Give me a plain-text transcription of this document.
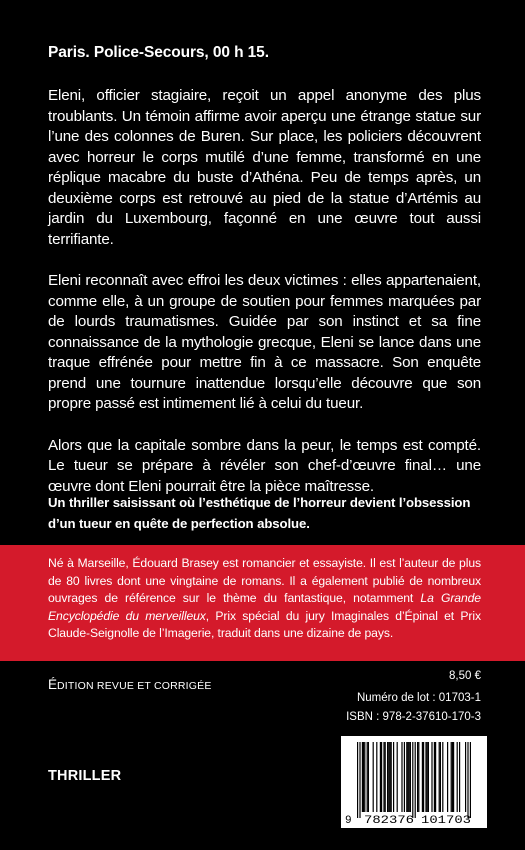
Paris. Police-Secours, 00 h 15.

Eleni, officier stagiaire, reçoit un appel anonyme des plus troublants. Un témoin affirme avoir aperçu une étrange statue sur l’une des colonnes de Buren. Sur place, les policiers découvrent avec horreur le corps mutilé d’une femme, transformé en une réplique macabre du buste d’Athéna. Peu de temps après, un deuxième corps est retrouvé au pied de la statue d’Artémis au jardin du Luxembourg, façonné en une œuvre tout aussi terrifiante.

Eleni reconnaît avec effroi les deux victimes : elles appartenaient, comme elle, à un groupe de soutien pour femmes marquées par de lourds traumatismes. Guidée par son instinct et sa fine connaissance de la mythologie grecque, Eleni se lance dans une traque effrénée pour mettre fin à ce massacre. Son enquête prend une tournure inattendue lorsqu’elle découvre que son propre passé est intimement lié à celui du tueur.

Alors que la capitale sombre dans la peur, le temps est compté. Le tueur se prépare à révéler son chef-d’œuvre final… une œuvre dont Eleni pourrait être la pièce maîtresse.

Un thriller saisissant où l’esthétique de l’horreur devient l’obsession d’un tueur en quête de perfection absolue.

Né à Marseille, Édouard Brasey est romancier et essayiste. Il est l’auteur de plus de 80 livres dont une vingtaine de romans. Il a également publié de nombreux ouvrages de référence sur le thème du fantastique, notamment La Grande Encyclopédie du merveilleux, Prix spécial du jury Imaginales d’Épinal et Prix Claude-Seignolle de l’Imagerie, traduit dans une dizaine de pays.

ÉDITION REVUE ET CORRIGÉE

8,50 €
Numéro de lot : 01703-1
ISBN : 978-2-37610-170-3

THRILLER

9 782376 101703
